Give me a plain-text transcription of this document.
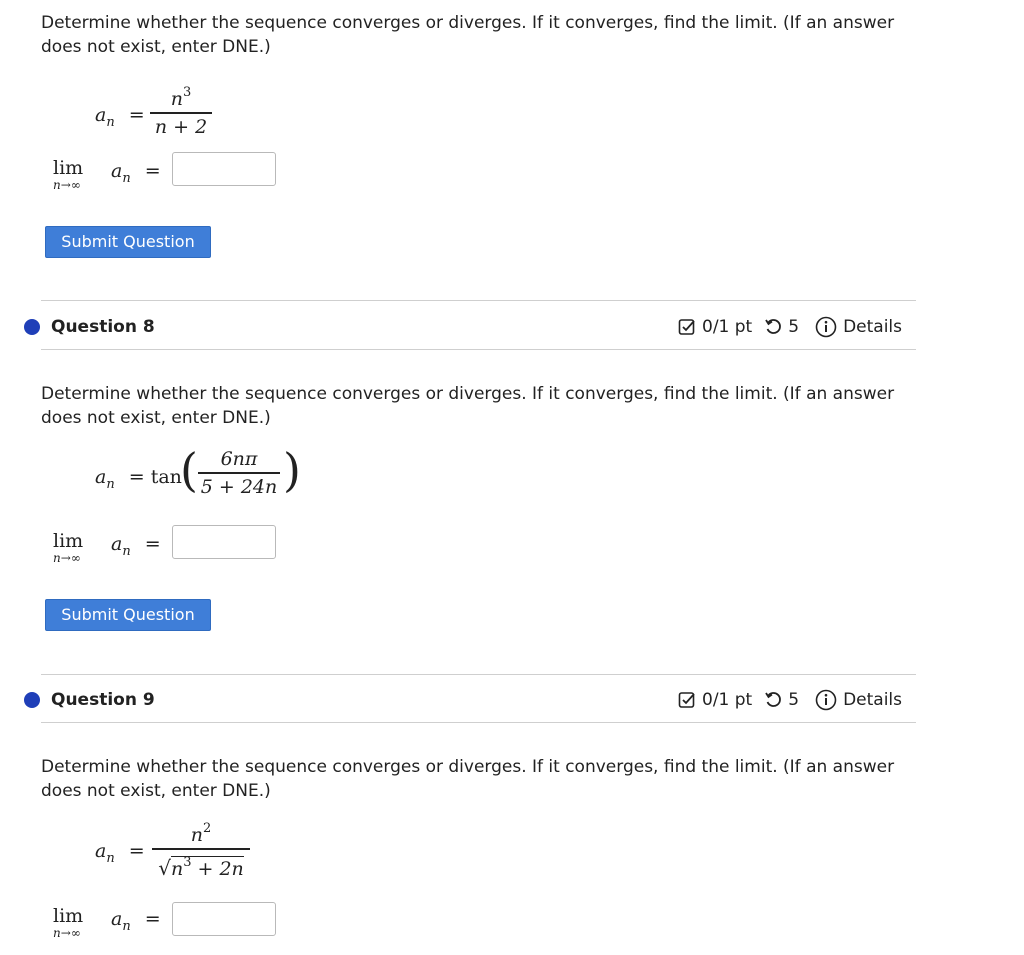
Determine whether the sequence converges or diverges. If it converges, find the limit. (If an answer does not exist, enter DNE.)
$a_n$ =
$n^3$
n + 2
lim
n→∞
$a_n$ =
Submit Question
Question 8	0/1 pt 5	Details
Determine whether the sequence converges or diverges. If it converges, find the limit. (If an answer does not exist, enter DNE.)
$a_n = \tan$
(	6nπ
5 + 24n )
lim
n→∞
$a_n$ =
Submit Question
Question 9	0/1 pt 5	Details
Determine whether the sequence converges or diverges. If it converges, find the limit. (If an answer does not exist, enter DNE.)
$a_n$ =
$n^2$
$√n^3 + 2n$
lim
n→∞
$a_n$ =
